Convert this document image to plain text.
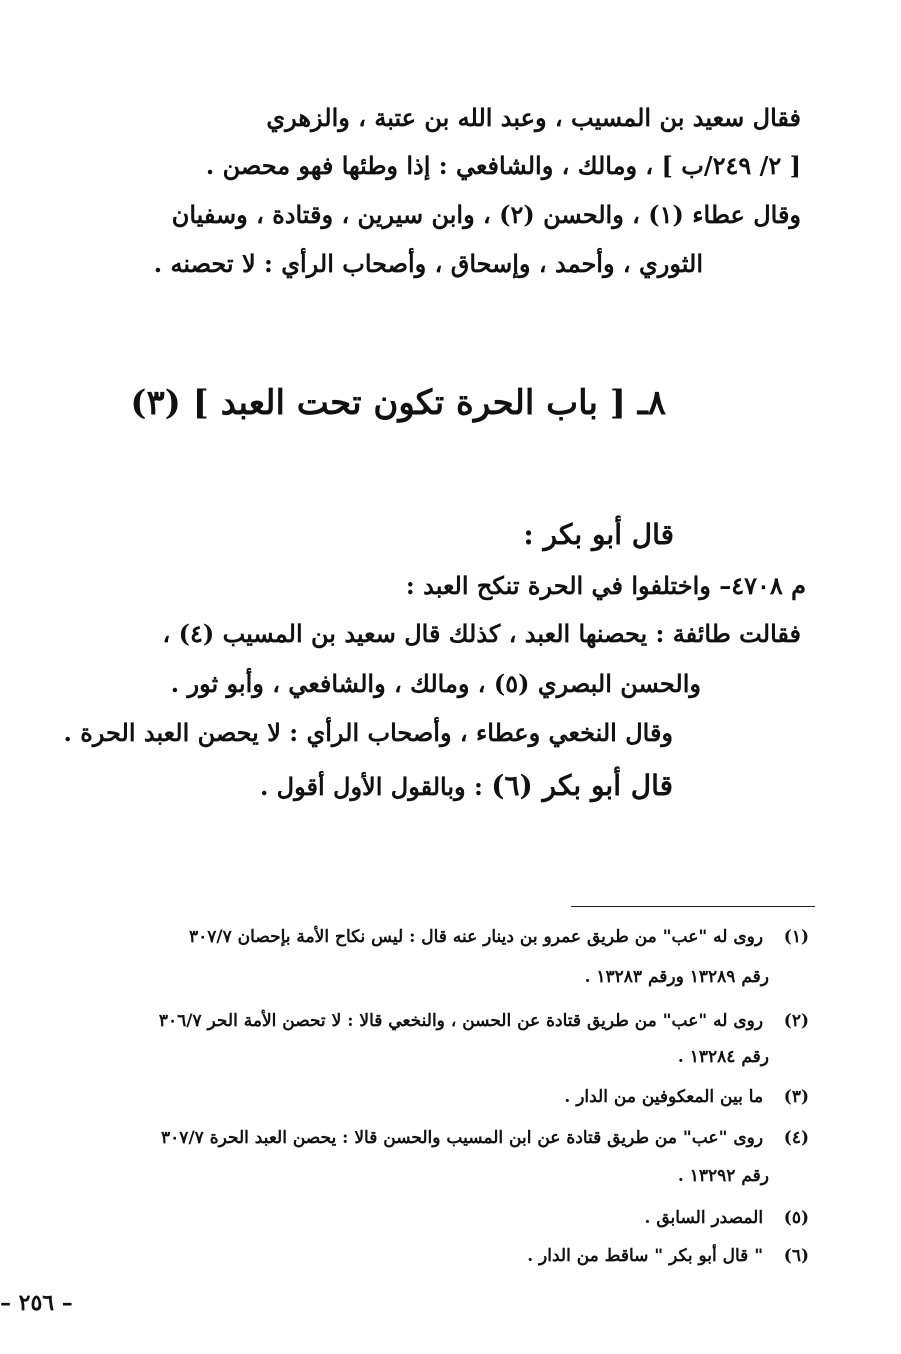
فقال سعيد بن المسيب ، وعبد الله بن عتبة ، والزهري
[ ٢/ ٢٤٩/ب ] ، ومالك ، والشافعي : إذا وطئها فهو محصن .
وقال عطاء (١) ، والحسن (٢) ، وابن سيرين ، وقتادة ، وسفيان
الثوري ، وأحمد ، وإسحاق ، وأصحاب الرأي : لا تحصنه .
٨ـ [ باب الحرة تكون تحت العبد ] (٣)
قال أبو بكر :
م ٤٧٠٨– واختلفوا في الحرة تنكح العبد :
فقالت طائفة : يحصنها العبد ، كذلك قال سعيد بن المسيب (٤) ،
والحسن البصري (٥) ، ومالك ، والشافعي ، وأبو ثور .
وقال النخعي وعطاء ، وأصحاب الرأي : لا يحصن العبد الحرة .
قال أبو بكر (٦) : وبالقول الأول أقول .
(١) روى له "عب" من طريق عمرو بن دينار عنه قال : ليس نكاح الأمة بإحصان ٣٠٧/٧
رقم ١٣٢٨٩ ورقم ١٣٢٨٣ .
(٢) روى له "عب" من طريق قتادة عن الحسن ، والنخعي قالا : لا تحصن الأمة الحر ٣٠٦/٧
رقم ١٣٢٨٤ .
(٣) ما بين المعكوفين من الدار .
(٤) روى "عب" من طريق قتادة عن ابن المسيب والحسن قالا : يحصن العبد الحرة ٣٠٧/٧
رقم ١٣٢٩٢ .
(٥) المصدر السابق .
(٦) " قال أبو بكر " ساقط من الدار .
– ٢٥٦ –
